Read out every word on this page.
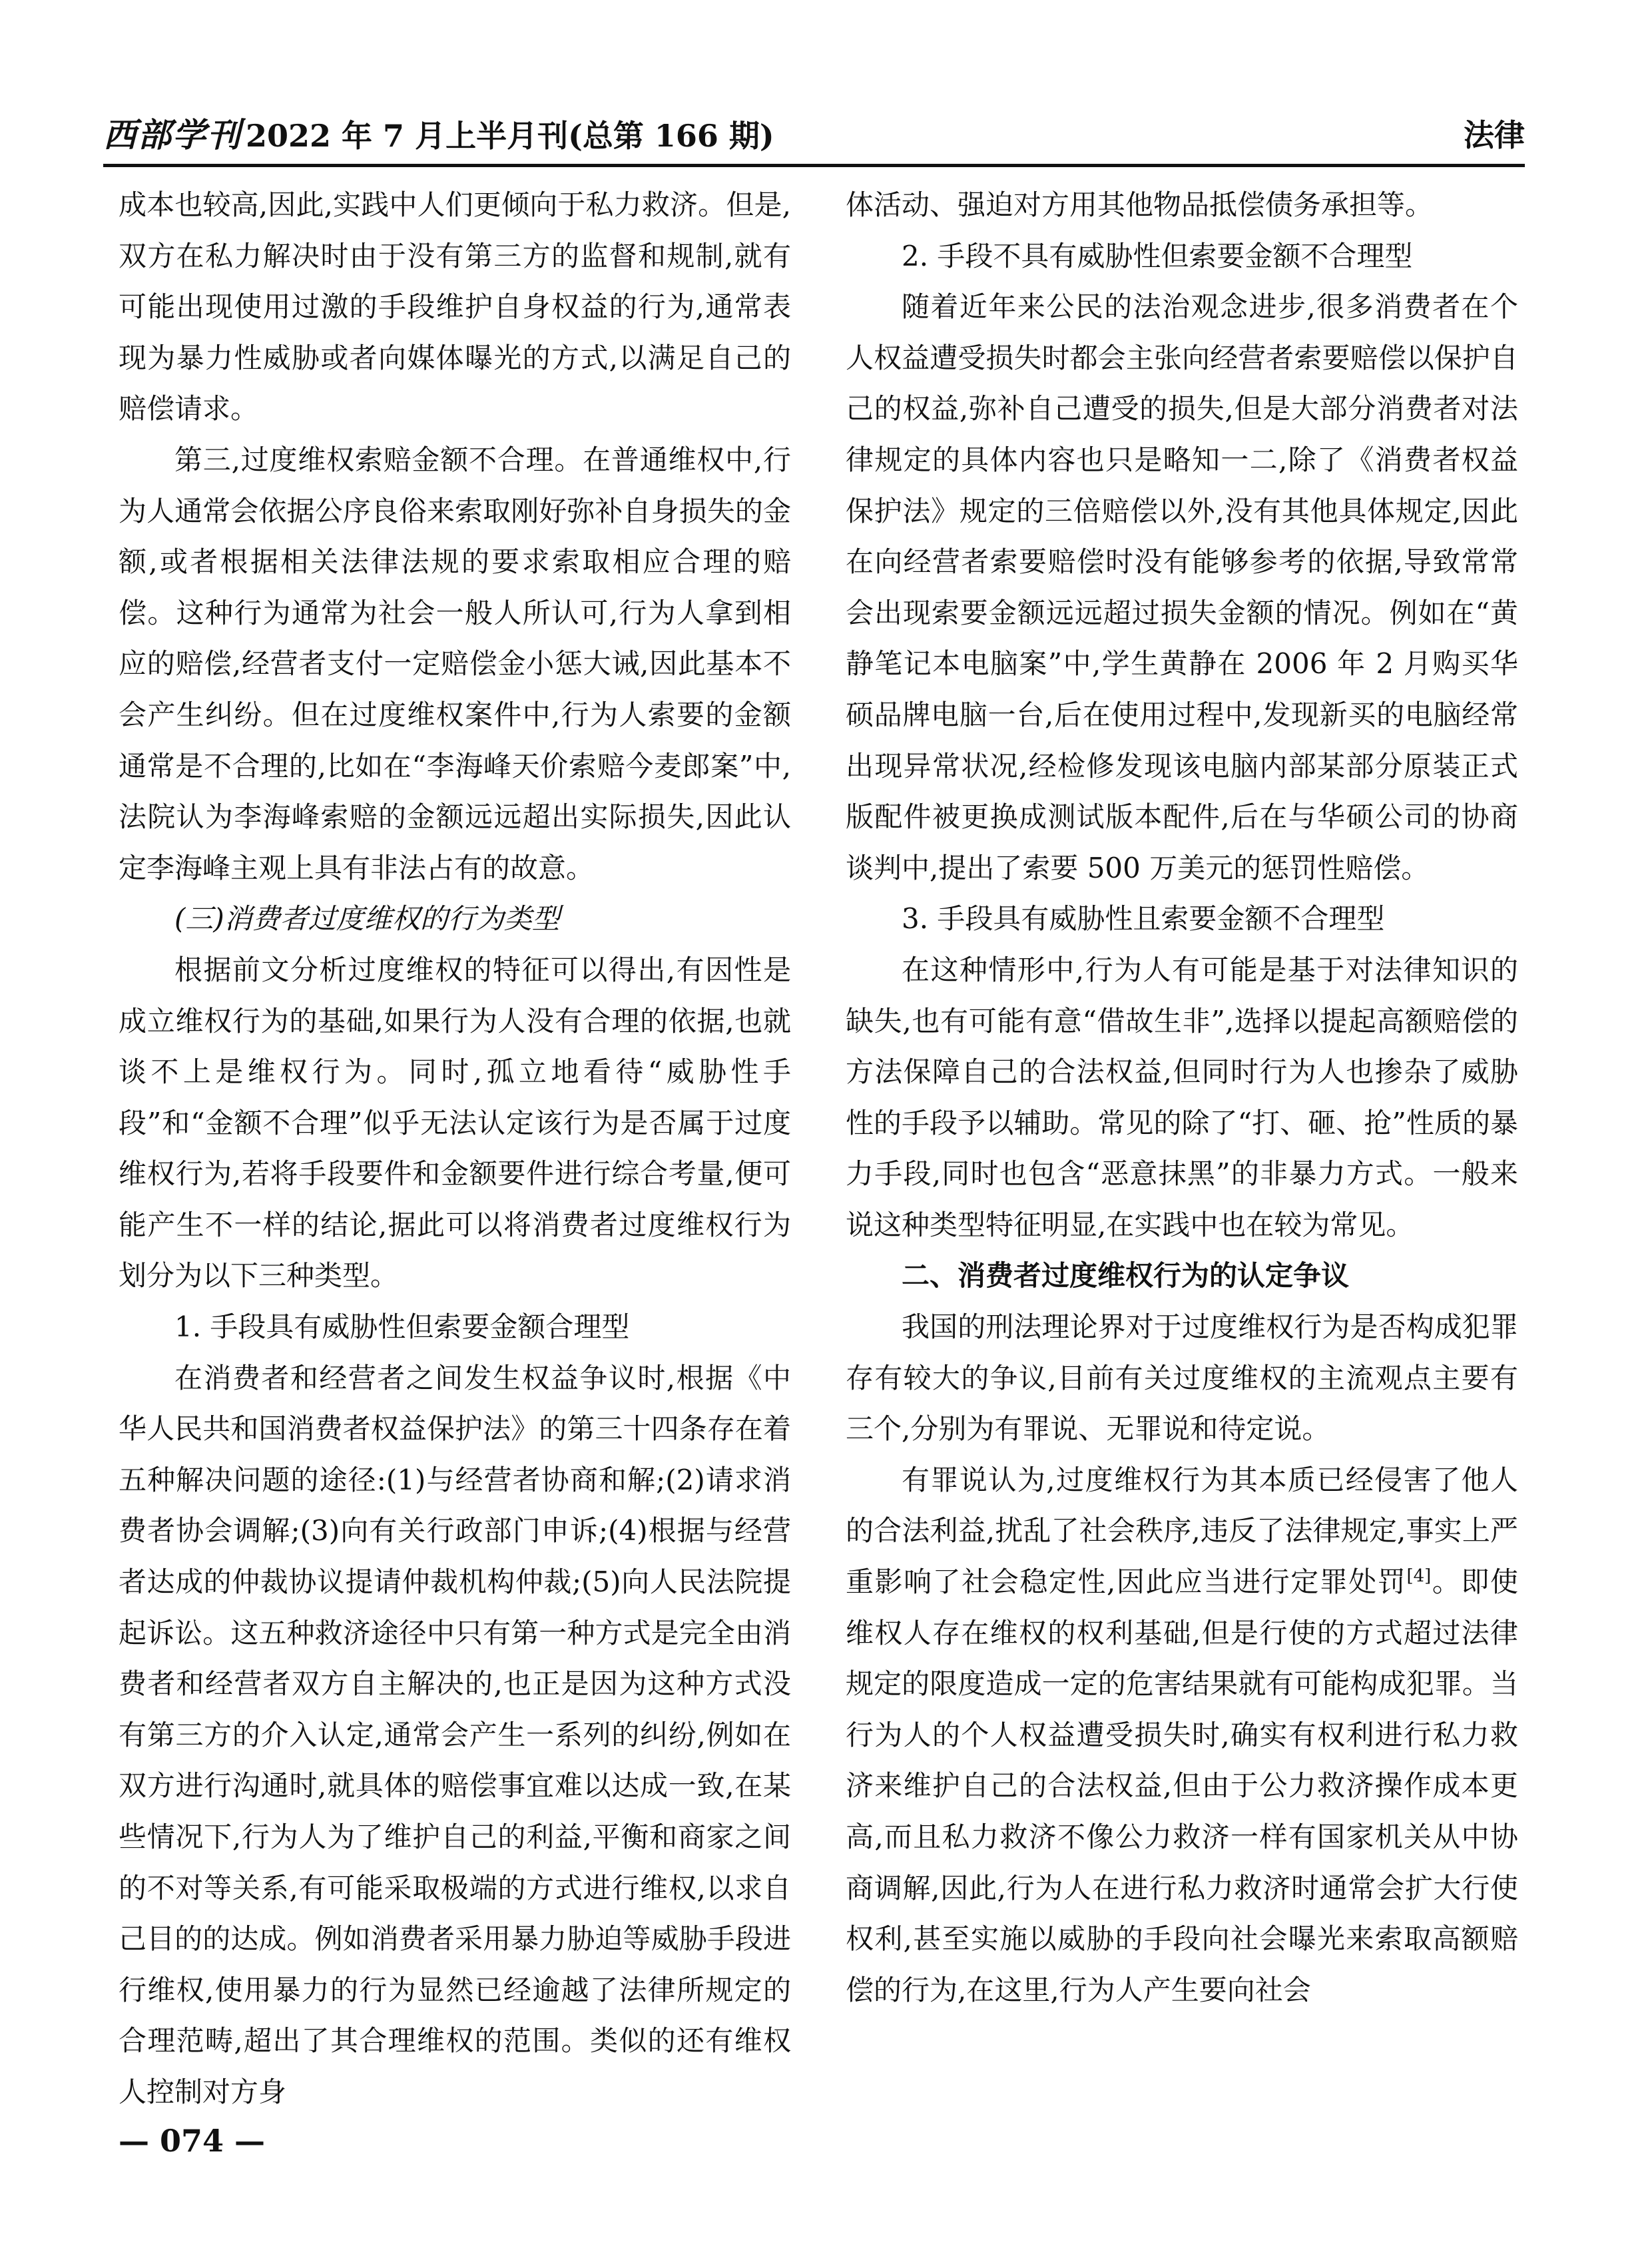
西部学刊 2022 年 7 月上半月刊(总第 166 期)	法律

成本也较高,因此,实践中人们更倾向于私力救济。但是,双方在私力解决时由于没有第三方的监督和规制,就有可能出现使用过激的手段维护自身权益的行为,通常表现为暴力性威胁或者向媒体曝光的方式,以满足自己的赔偿请求。

第三,过度维权索赔金额不合理。在普通维权中,行为人通常会依据公序良俗来索取刚好弥补自身损失的金额,或者根据相关法律法规的要求索取相应合理的赔偿。这种行为通常为社会一般人所认可,行为人拿到相应的赔偿,经营者支付一定赔偿金小惩大诫,因此基本不会产生纠纷。但在过度维权案件中,行为人索要的金额通常是不合理的,比如在“李海峰天价索赔今麦郎案”中,法院认为李海峰索赔的金额远远超出实际损失,因此认定李海峰主观上具有非法占有的故意。

(三)消费者过度维权的行为类型

根据前文分析过度维权的特征可以得出,有因性是成立维权行为的基础,如果行为人没有合理的依据,也就谈不上是维权行为。同时,孤立地看待“威胁性手段”和“金额不合理”似乎无法认定该行为是否属于过度维权行为,若将手段要件和金额要件进行综合考量,便可能产生不一样的结论,据此可以将消费者过度维权行为划分为以下三种类型。

1. 手段具有威胁性但索要金额合理型

在消费者和经营者之间发生权益争议时,根据《中华人民共和国消费者权益保护法》的第三十四条存在着五种解决问题的途径:(1)与经营者协商和解;(2)请求消费者协会调解;(3)向有关行政部门申诉;(4)根据与经营者达成的仲裁协议提请仲裁机构仲裁;(5)向人民法院提起诉讼。这五种救济途径中只有第一种方式是完全由消费者和经营者双方自主解决的,也正是因为这种方式没有第三方的介入认定,通常会产生一系列的纠纷,例如在双方进行沟通时,就具体的赔偿事宜难以达成一致,在某些情况下,行为人为了维护自己的利益,平衡和商家之间的不对等关系,有可能采取极端的方式进行维权,以求自己目的的达成。例如消费者采用暴力胁迫等威胁手段进行维权,使用暴力的行为显然已经逾越了法律所规定的合理范畴,超出了其合理维权的范围。类似的还有维权人控制对方身

体活动、强迫对方用其他物品抵偿债务承担等。

2. 手段不具有威胁性但索要金额不合理型

随着近年来公民的法治观念进步,很多消费者在个人权益遭受损失时都会主张向经营者索要赔偿以保护自己的权益,弥补自己遭受的损失,但是大部分消费者对法律规定的具体内容也只是略知一二,除了《消费者权益保护法》规定的三倍赔偿以外,没有其他具体规定,因此在向经营者索要赔偿时没有能够参考的依据,导致常常会出现索要金额远远超过损失金额的情况。例如在“黄静笔记本电脑案”中,学生黄静在 2006 年 2 月购买华硕品牌电脑一台,后在使用过程中,发现新买的电脑经常出现异常状况,经检修发现该电脑内部某部分原装正式版配件被更换成测试版本配件,后在与华硕公司的协商谈判中,提出了索要 500 万美元的惩罚性赔偿。

3. 手段具有威胁性且索要金额不合理型

在这种情形中,行为人有可能是基于对法律知识的缺失,也有可能有意“借故生非”,选择以提起高额赔偿的方法保障自己的合法权益,但同时行为人也掺杂了威胁性的手段予以辅助。常见的除了“打、砸、抢”性质的暴力手段,同时也包含“恶意抹黑”的非暴力方式。一般来说这种类型特征明显,在实践中也在较为常见。

二、消费者过度维权行为的认定争议

我国的刑法理论界对于过度维权行为是否构成犯罪存有较大的争议,目前有关过度维权的主流观点主要有三个,分别为有罪说、无罪说和待定说。

有罪说认为,过度维权行为其本质已经侵害了他人的合法利益,扰乱了社会秩序,违反了法律规定,事实上严重影响了社会稳定性,因此应当进行定罪处罚[4]。即使维权人存在维权的权利基础,但是行使的方式超过法律规定的限度造成一定的危害结果就有可能构成犯罪。当行为人的个人权益遭受损失时,确实有权利进行私力救济来维护自己的合法权益,但由于公力救济操作成本更高,而且私力救济不像公力救济一样有国家机关从中协商调解,因此,行为人在进行私力救济时通常会扩大行使权利,甚至实施以威胁的手段向社会曝光来索取高额赔偿的行为,在这里,行为人产生要向社会

— 074 —
